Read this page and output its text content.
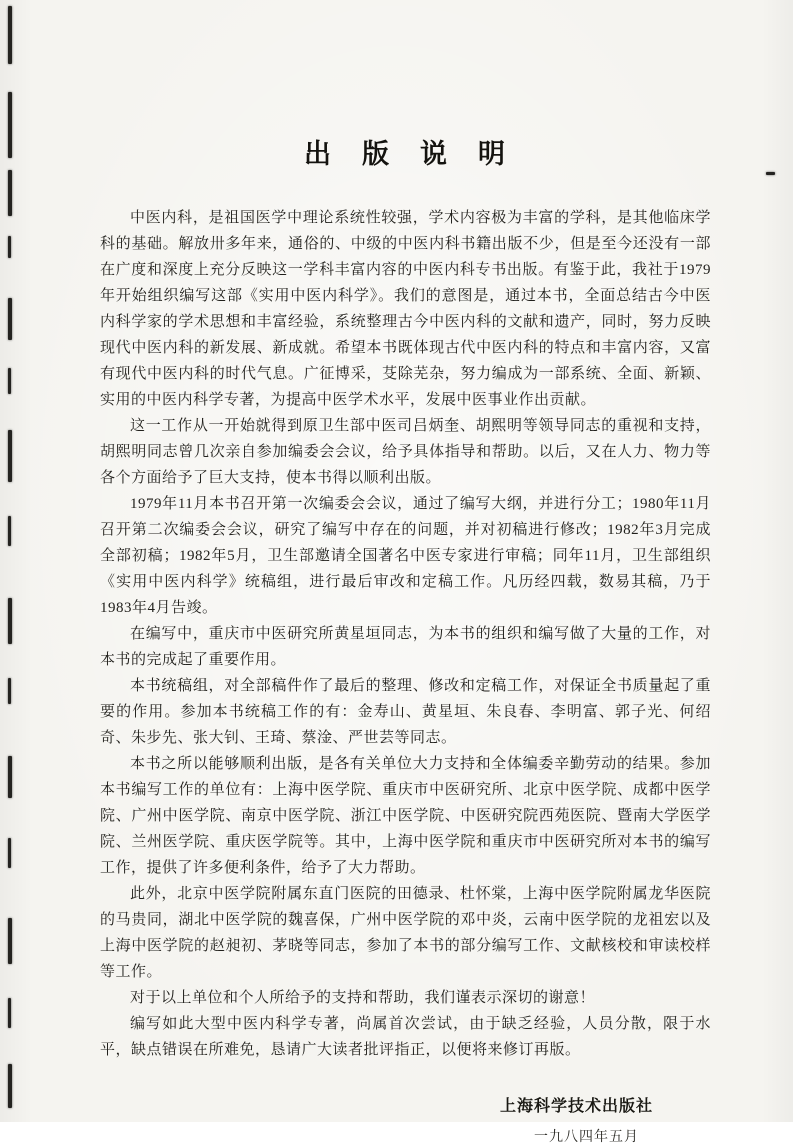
出　版　说　明

中医内科，是祖国医学中理论系统性较强，学术内容极为丰富的学科，是其他临床学科的基础。解放卅多年来，通俗的、中级的中医内科书籍出版不少，但是至今还没有一部在广度和深度上充分反映这一学科丰富内容的中医内科专书出版。有鉴于此，我社于1979年开始组织编写这部《实用中医内科学》。我们的意图是，通过本书，全面总结古今中医内科学家的学术思想和丰富经验，系统整理古今中医内科的文献和遗产，同时，努力反映现代中医内科的新发展、新成就。希望本书既体现古代中医内科的特点和丰富内容，又富有现代中医内科的时代气息。广征博采，芟除芜杂，努力编成为一部系统、全面、新颖、实用的中医内科学专著，为提高中医学术水平，发展中医事业作出贡献。

这一工作从一开始就得到原卫生部中医司吕炳奎、胡熙明等领导同志的重视和支持，胡熙明同志曾几次亲自参加编委会会议，给予具体指导和帮助。以后，又在人力、物力等各个方面给予了巨大支持，使本书得以顺利出版。

1979年11月本书召开第一次编委会会议，通过了编写大纲，并进行分工；1980年11月召开第二次编委会会议，研究了编写中存在的问题，并对初稿进行修改；1982年3月完成全部初稿；1982年5月，卫生部邀请全国著名中医专家进行审稿；同年11月，卫生部组织《实用中医内科学》统稿组，进行最后审改和定稿工作。凡历经四载，数易其稿，乃于1983年4月告竣。

在编写中，重庆市中医研究所黄星垣同志，为本书的组织和编写做了大量的工作，对本书的完成起了重要作用。

本书统稿组，对全部稿件作了最后的整理、修改和定稿工作，对保证全书质量起了重要的作用。参加本书统稿工作的有：金寿山、黄星垣、朱良春、李明富、郭子光、何绍奇、朱步先、张大钊、王琦、蔡淦、严世芸等同志。

本书之所以能够顺利出版，是各有关单位大力支持和全体编委辛勤劳动的结果。参加本书编写工作的单位有：上海中医学院、重庆市中医研究所、北京中医学院、成都中医学院、广州中医学院、南京中医学院、浙江中医学院、中医研究院西苑医院、暨南大学医学院、兰州医学院、重庆医学院等。其中，上海中医学院和重庆市中医研究所对本书的编写工作，提供了许多便利条件，给予了大力帮助。

此外，北京中医学院附属东直门医院的田德录、杜怀棠，上海中医学院附属龙华医院的马贵同，湖北中医学院的魏喜保，广州中医学院的邓中炎，云南中医学院的龙祖宏以及上海中医学院的赵昶初、茅晓等同志，参加了本书的部分编写工作、文献核校和审读校样等工作。

对于以上单位和个人所给予的支持和帮助，我们谨表示深切的谢意！

编写如此大型中医内科学专著，尚属首次尝试，由于缺乏经验，人员分散，限于水平，缺点错误在所难免，恳请广大读者批评指正，以便将来修订再版。

上海科学技术出版社
一九八四年五月
